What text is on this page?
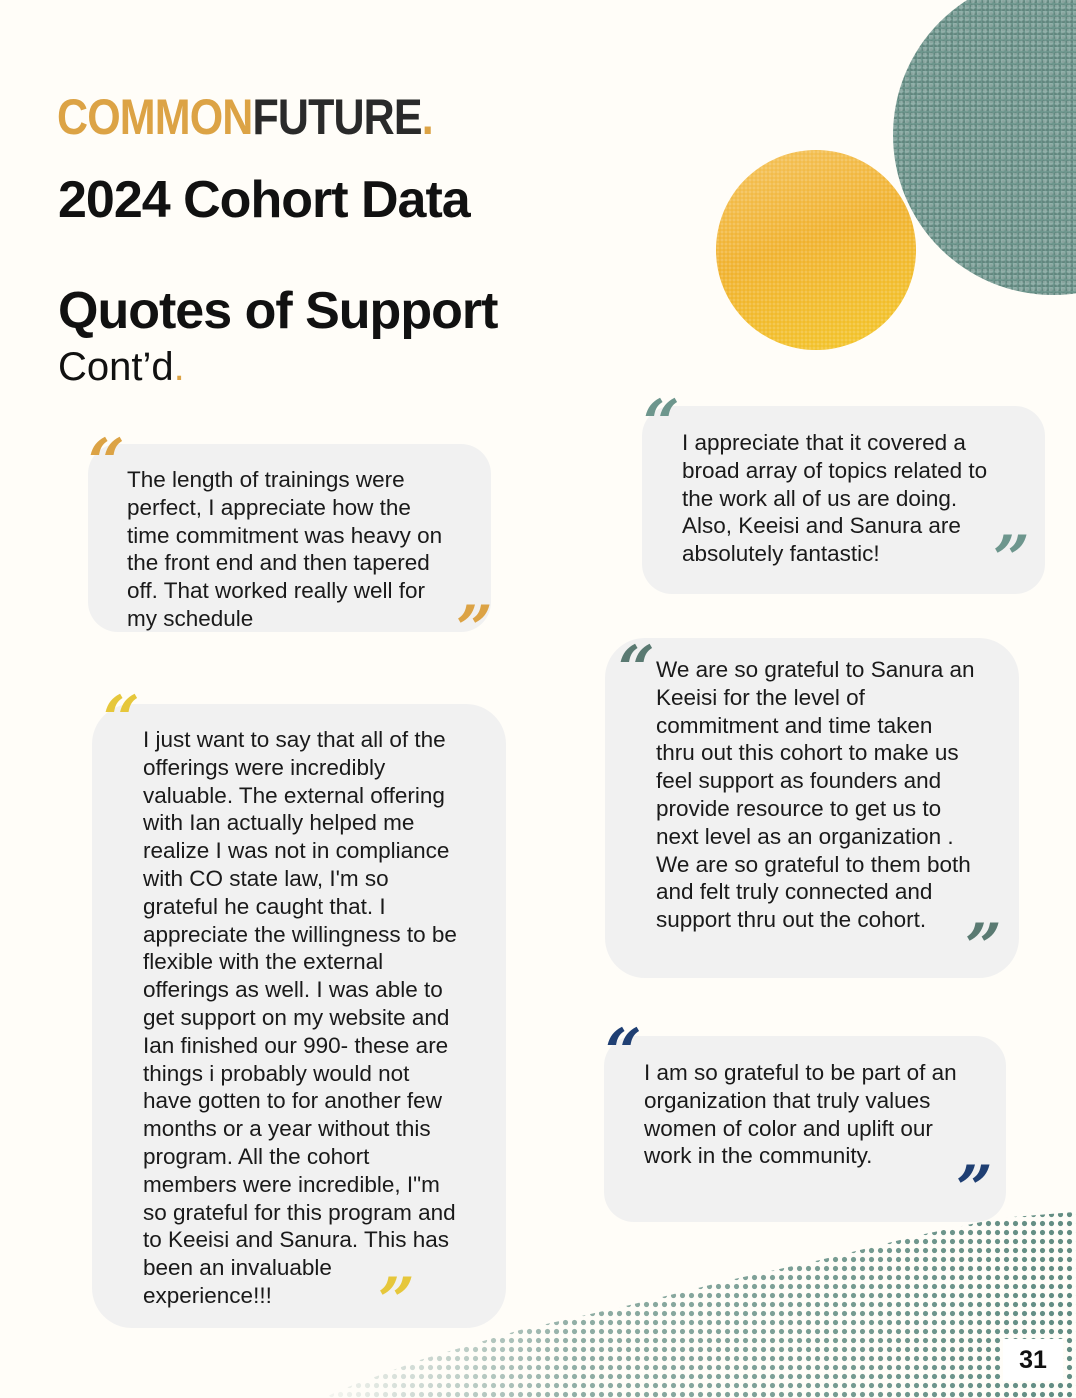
COMMONFUTURE.
2024 Cohort Data
Quotes of Support
Cont’d.
“ The length of trainings were
perfect, I appreciate how the
time commitment was heavy on
the front end and then tapered
off. That worked really well for
my schedule	”
“ I just want to say that all of the
offerings were incredibly
valuable. The external offering
with Ian actually helped me
realize I was not in compliance
with CO state law, I'm so
grateful he caught that. I
appreciate the willingness to be
flexible with the external
offerings as well. I was able to
get support on my website and
Ian finished our 990- these are
things i probably would not
have gotten to for another few
months or a year without this
program. All the cohort
members were incredible, I"m
so grateful for this program and
to Keeisi and Sanura. This has
been an invaluable
experience!!!	”
“ I appreciate that it covered a
broad array of topics related to
the work all of us are doing.
Also, Keeisi and Sanura are
absolutely fantastic!	”
“ We are so grateful to Sanura an
Keeisi for the level of
commitment and time taken
thru out this cohort to make us
feel support as founders and
provide resource to get us to
next level as an organization .
We are so grateful to them both
and felt truly connected and
support thru out the cohort. ”
“ I am so grateful to be part of an
organization that truly values
women of color and uplift our
work in the community.	”
31
